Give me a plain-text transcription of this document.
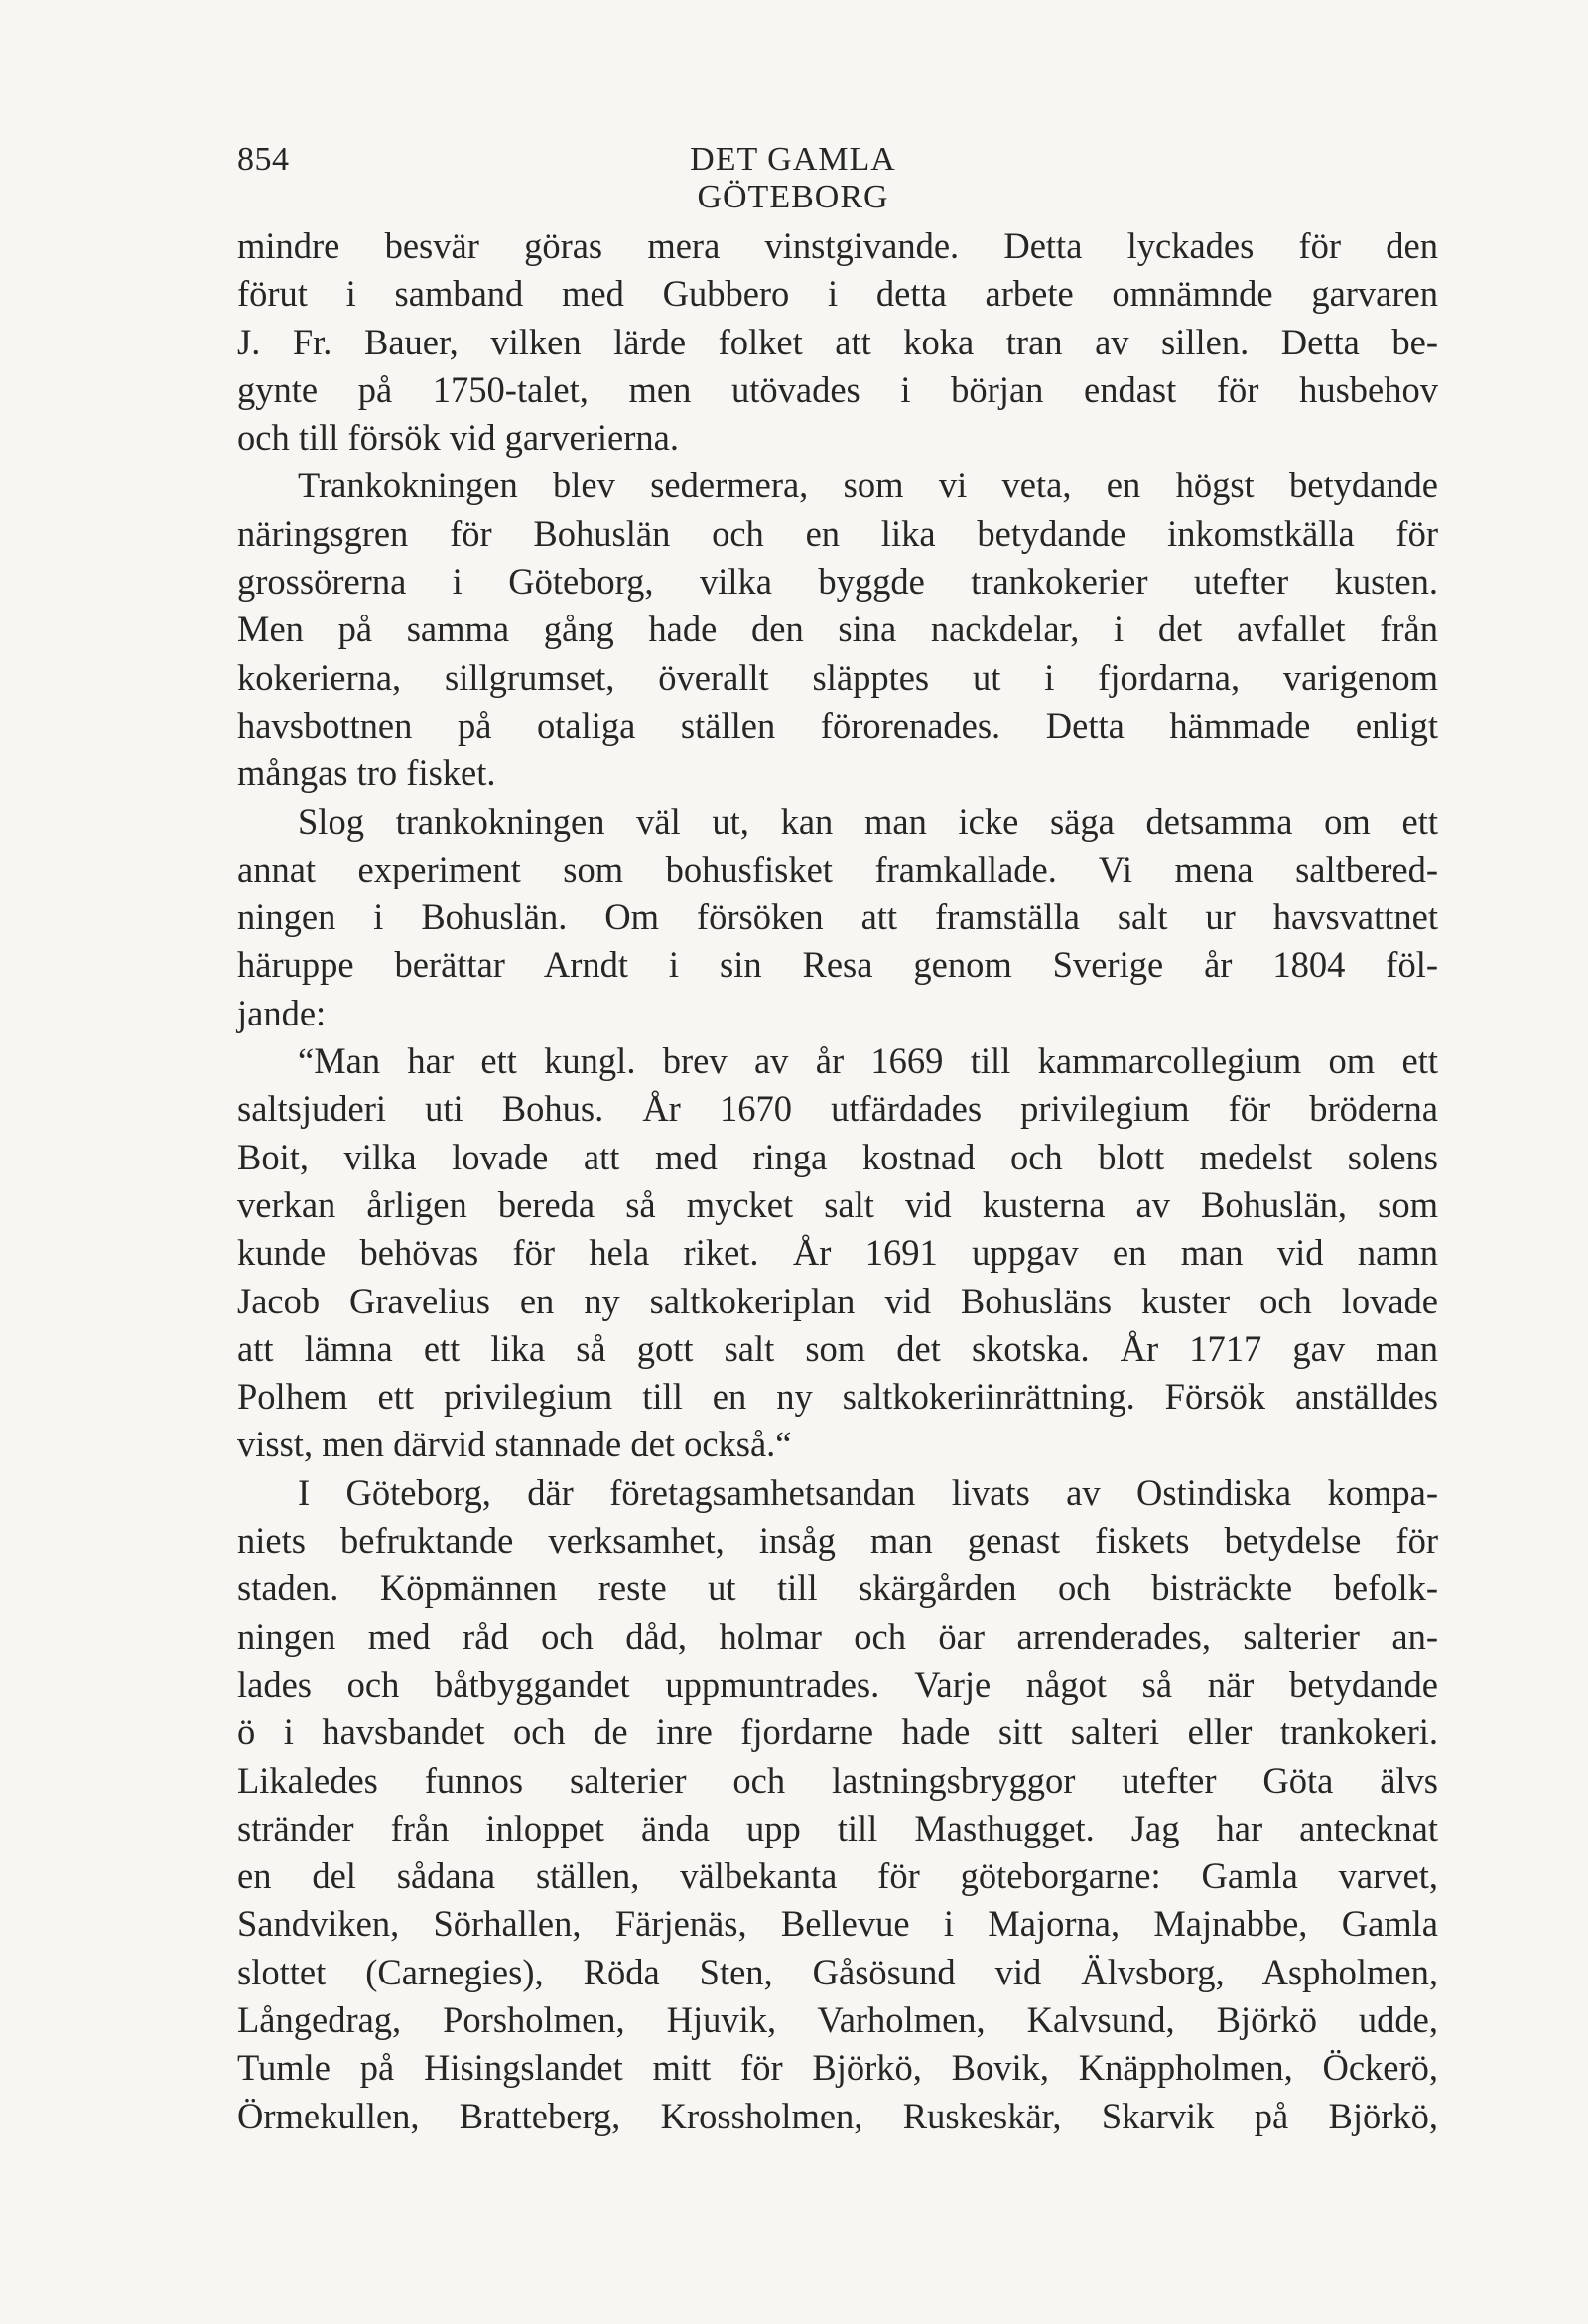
854	DET GAMLA GÖTEBORG
mindre besvär göras mera vinstgivande. Detta lyckades för den
förut i samband med Gubbero i detta arbete omnämnde garvaren
J. Fr. Bauer, vilken lärde folket att koka tran av sillen. Detta be-
gynte på 1750-talet, men utövades i början endast för husbehov
och till försök vid garverierna.
Trankokningen blev sedermera, som vi veta, en högst betydande
näringsgren för Bohuslän och en lika betydande inkomstkälla för
grossörerna i Göteborg, vilka byggde trankokerier utefter kusten.
Men på samma gång hade den sina nackdelar, i det avfallet från
kokerierna, sillgrumset, överallt släpptes ut i fjordarna, varigenom
havsbottnen på otaliga ställen förorenades. Detta hämmade enligt
mångas tro fisket.
Slog trankokningen väl ut, kan man icke säga detsamma om ett
annat experiment som bohusfisket framkallade. Vi mena saltbered-
ningen i Bohuslän. Om försöken att framställa salt ur havsvattnet
häruppe berättar Arndt i sin Resa genom Sverige år 1804 föl-
jande:
“Man har ett kungl. brev av år 1669 till kammarcollegium om ett
saltsjuderi uti Bohus. År 1670 utfärdades privilegium för bröderna
Boit, vilka lovade att med ringa kostnad och blott medelst solens
verkan årligen bereda så mycket salt vid kusterna av Bohuslän, som
kunde behövas för hela riket. År 1691 uppgav en man vid namn
Jacob Gravelius en ny saltkokeriplan vid Bohusläns kuster och lovade
att lämna ett lika så gott salt som det skotska. År 1717 gav man
Polhem ett privilegium till en ny saltkokeriinrättning. Försök anställdes
visst, men därvid stannade det också.“
I Göteborg, där företagsamhetsandan livats av Ostindiska kompa-
niets befruktande verksamhet, insåg man genast fiskets betydelse för
staden. Köpmännen reste ut till skärgården och bisträckte befolk-
ningen med råd och dåd, holmar och öar arrenderades, salterier an-
lades och båtbyggandet uppmuntrades. Varje något så när betydande
ö i havsbandet och de inre fjordarne hade sitt salteri eller trankokeri.
Likaledes funnos salterier och lastningsbryggor utefter Göta älvs
stränder från inloppet ända upp till Masthugget. Jag har antecknat
en del sådana ställen, välbekanta för göteborgarne: Gamla varvet,
Sandviken, Sörhallen, Färjenäs, Bellevue i Majorna, Majnabbe, Gamla
slottet (Carnegies), Röda Sten, Gåsösund vid Älvsborg, Aspholmen,
Långedrag, Porsholmen, Hjuvik, Varholmen, Kalvsund, Björkö udde,
Tumle på Hisingslandet mitt för Björkö, Bovik, Knäppholmen, Öckerö,
Örmekullen, Bratteberg, Krossholmen, Ruskeskär, Skarvik på Björkö,
